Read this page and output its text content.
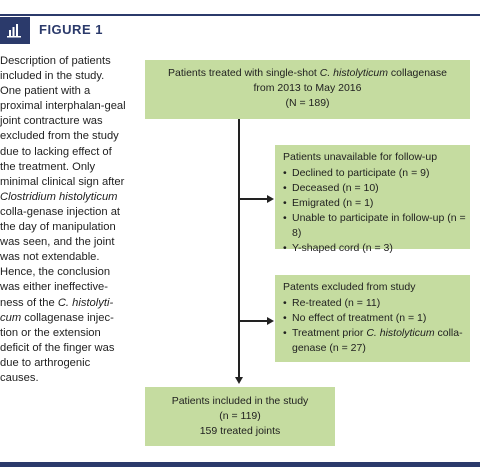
FIGURE 1
Description of patients included in the study. One patient with a proximal interphalan-geal joint contracture was excluded from the study due to lacking effect of the treatment. Only minimal clinical sign after Clostridium histolyticum colla-genase injection at the day of manipulation was seen, and the joint was not extendable. Hence, the conclusion was either ineffective-ness of the C. histolyti-cum collagenase injec-tion or the extension deficit of the finger was due to arthrogenic causes.
Patients treated with single-shot C. histolyticum collagenase
from 2013 to May 2016
(N = 189)
Patients unavailable for follow-up
• Declined to participate (n = 9)
• Deceased (n = 10)
• Emigrated (n = 1)
• Unable to participate in follow-up (n = 8)
• Y-shaped cord (n = 3)
Patents excluded from study
• Re-treated (n = 11)
• No effect of treatment (n = 1)
• Treatment prior C. histolyticum colla-genase (n = 27)
Patients included in the study
(n = 119)
159 treated joints
